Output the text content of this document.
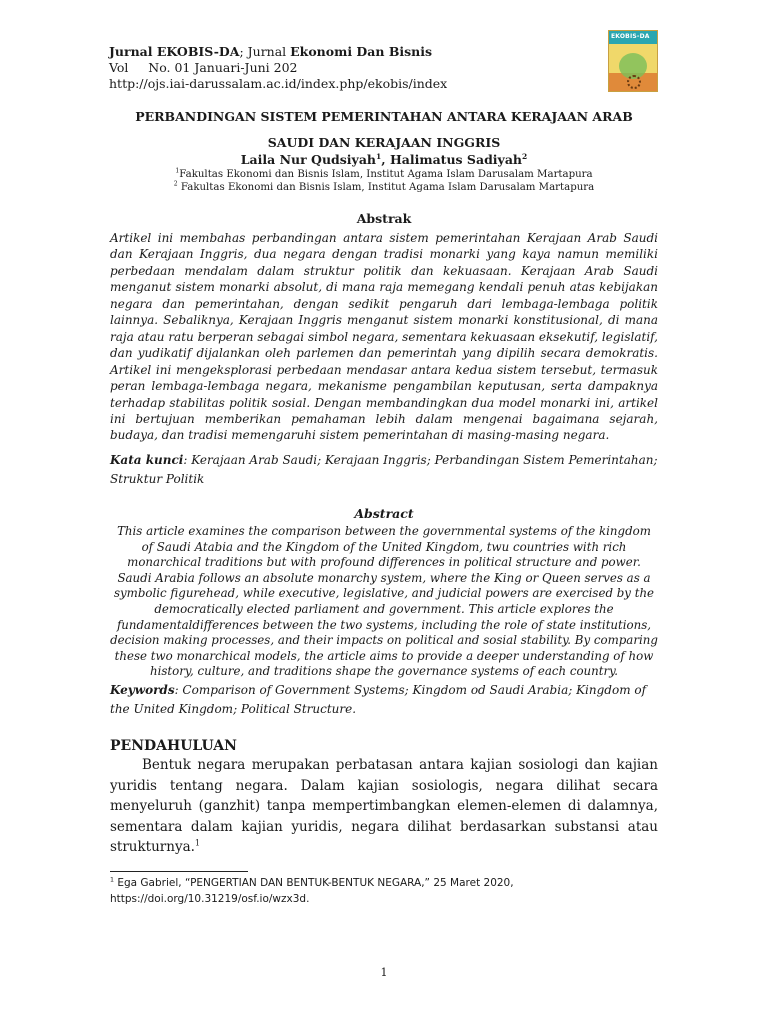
Jurnal EKOBIS-DA; Jurnal Ekonomi Dan Bisnis
Vol     No. 01 Januari-Juni 202
http://ojs.iai-darussalam.ac.id/index.php/ekobis/index
EKOBIS-DA
PERBANDINGAN SISTEM PEMERINTAHAN ANTARA KERAJAAN ARAB SAUDI DAN KERAJAAN INGGRIS
Laila Nur Qudsiyah$^1$, Halimatus Sadiyah$^2$
$^1$Fakultas Ekonomi dan Bisnis Islam, Institut Agama Islam Darusalam Martapura
$^2$ Fakultas Ekonomi dan Bisnis Islam, Institut Agama Islam Darusalam Martapura
Abstrak
Artikel ini membahas perbandingan antara sistem pemerintahan Kerajaan Arab Saudi dan Kerajaan Inggris, dua negara dengan tradisi monarki yang kaya namun memiliki perbedaan mendalam dalam struktur politik dan kekuasaan. Kerajaan Arab Saudi menganut sistem monarki absolut, di mana raja memegang kendali penuh atas kebijakan negara dan pemerintahan, dengan sedikit pengaruh dari lembaga-lembaga politik lainnya. Sebaliknya, Kerajaan Inggris menganut sistem monarki konstitusional, di mana raja atau ratu berperan sebagai simbol negara, sementara kekuasaan eksekutif, legislatif, dan yudikatif dijalankan oleh parlemen dan pemerintah yang dipilih secara demokratis. Artikel ini mengeksplorasi perbedaan mendasar antara kedua sistem tersebut, termasuk peran lembaga-lembaga negara, mekanisme pengambilan keputusan, serta dampaknya terhadap stabilitas politik sosial. Dengan membandingkan dua model monarki ini, artikel ini bertujuan memberikan pemahaman lebih dalam mengenai bagaimana sejarah, budaya, dan tradisi memengaruhi sistem pemerintahan di masing-masing negara.
Kata kunci: Kerajaan Arab Saudi; Kerajaan Inggris; Perbandingan Sistem Pemerintahan; Struktur Politik
Abstract
This article examines the comparison between the governmental systems of the kingdom of Saudi Atabia and the Kingdom of the United Kingdom, twu countries with rich monarchical traditions but with profound differences in political structure and power. Saudi Arabia follows an absolute monarchy system, where the King or Queen serves as a symbolic figurehead, while executive, legislative, and judicial powers are exercised by the democratically elected parliament and government. This article explores the fundamentaldifferences between the two systems, including the role of state institutions, decision making processes, and their impacts on political and sosial stability. By comparing these two monarchical models, the article aims to provide a deeper understanding of how history, culture, and traditions shape the governance systems of each country.
Keywords: Comparison of Government Systems; Kingdom od Saudi Arabia; Kingdom of the United Kingdom; Political Structure.
PENDAHULUAN
Bentuk negara merupakan perbatasan antara kajian sosiologi dan kajian yuridis tentang negara. Dalam kajian sosiologis, negara dilihat secara menyeluruh (ganzhit) tanpa mempertimbangkan elemen-elemen di dalamnya, sementara dalam kajian yuridis, negara dilihat berdasarkan substansi atau strukturnya.$^1$
$^1$ Ega Gabriel, “PENGERTIAN DAN BENTUK-BENTUK NEGARA,” 25 Maret 2020, https://doi.org/10.31219/osf.io/wzx3d.
1
